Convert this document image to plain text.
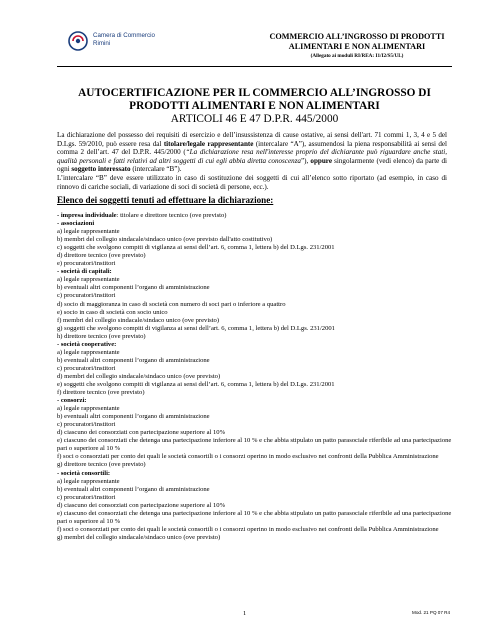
Camera di Commercio
Rimini
COMMERCIO ALL’INGROSSO DI PRODOTTI ALIMENTARI E NON ALIMENTARI
(Allegato ai moduli RI/REA: I1/I2/S5/UL)
AUTOCERTIFICAZIONE PER IL COMMERCIO ALL’INGROSSO DI PRODOTTI ALIMENTARI E NON ALIMENTARI
ARTICOLI 46 E 47 D.P.R. 445/2000
La dichiarazione del possesso dei requisiti di esercizio e dell’insussistenza di cause ostative, ai sensi dell'art. 71 commi 1, 3, 4 e 5 del D.Lgs. 59/2010, può essere resa dal titolare/legale rappresentante (intercalare “A”), assumendosi la piena responsabilità ai sensi del comma 2 dell’art. 47 del D.P.R. 445/2000 (“La dichiarazione resa nell'interesse proprio del dichiarante può riguardare anche stati, qualità personali e fatti relativi ad altri soggetti di cui egli abbia diretta conoscenza”), oppure singolarmente (vedi elenco) da parte di ogni soggetto interessato (intercalare “B”).
L’intercalare “B” deve essere utilizzato in caso di sostituzione dei soggetti di cui all’elenco sotto riportato (ad esempio, in caso di rinnovo di cariche sociali, di variazione di soci di società di persone, ecc.).
Elenco dei soggetti tenuti ad effettuare la dichiarazione:
- impresa individuale: titolare e direttore tecnico (ove previsto)
- associazioni
a) legale rappresentante
b) membri del collegio sindacale/sindaco unico (ove previsto dall'atto costitutivo)
c) soggetti che svolgono compiti di vigilanza ai sensi dell’art. 6, comma 1, lettera b) del D.Lgs. 231/2001
d) direttore tecnico (ove previsto)
e) procuratori/institori
- società di capitali:
a) legale rappresentante
b) eventuali altri componenti l’organo di amministrazione
c) procuratori/institori
d) socio di maggioranza in caso di società con numero di soci pari o inferiore a quattro
e) socio in caso di società con socio unico
f) membri del collegio sindacale/sindaco unico (ove previsto)
g) soggetti che svolgono compiti di vigilanza ai sensi dell’art. 6, comma 1, lettera b) del D.Lgs. 231/2001
h) direttore tecnico (ove previsto)
- società cooperative:
a) legale rappresentante
b) eventuali altri componenti l’organo di amministrazione
c) procuratori/institori
d) membri del collegio sindacale/sindaco unico (ove previsto)
e) soggetti che svolgono compiti di vigilanza ai sensi dell’art. 6, comma 1, lettera b) del D.Lgs. 231/2001
f) direttore tecnico (ove previsto)
- consorzi:
a) legale rappresentante
b) eventuali altri componenti l’organo di amministrazione
c) procuratori/institori
d) ciascuno dei consorziati con partecipazione superiore al 10%
e) ciascuno dei consorziati che detenga una partecipazione inferiore al 10 % e che abbia stipulato un patto parasociale riferibile ad una partecipazione pari o superiore al 10 %
f) soci o consorziati per conto dei quali le società consortili o i consorzi operino in modo esclusivo nei confronti della Pubblica Amministrazione
g) direttore tecnico (ove previsto)
- società consortili:
a) legale rappresentante
b) eventuali altri componenti l’organo di amministrazione
c) procuratori/institori
d) ciascuno dei consorziati con partecipazione superiore al 10%
e) ciascuno dei consorziati che detenga una partecipazione inferiore al 10 % e che abbia stipulato un patto parasociale riferibile ad una partecipazione pari o superiore al 10 %
f) soci o consorziati per conto dei quali le società consortili o i consorzi operino in modo esclusivo nei confronti della Pubblica Amministrazione
g) membri del collegio sindacale/sindaco unico (ove previsto)
1	Mod. 21 PQ 07 R4
